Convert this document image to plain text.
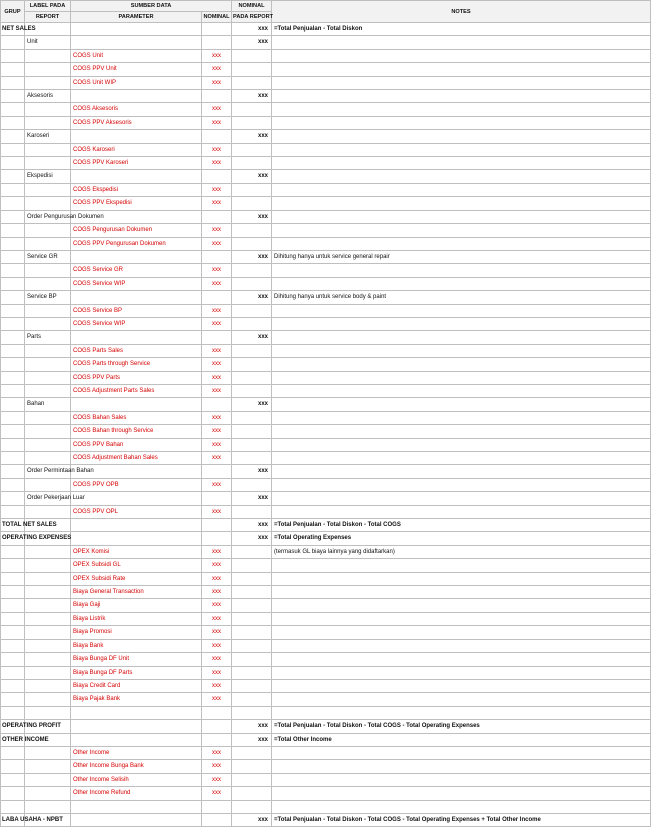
GRUP	LABEL PADA	SUMBER DATA		NOMINAL	NOTES
	REPORT	PARAMETER	NOMINAL	PADA REPORT	
NET SALES				xxx	=Total Penjualan - Total Diskon
	Unit			xxx	
		COGS Unit	xxx		
		COGS PPV Unit	xxx		
		COGS Unit WIP	xxx		
	Aksesoris			xxx	
		COGS Aksesoris	xxx		
		COGS PPV Aksesoris	xxx		
	Karoseri			xxx	
		COGS Karoseri	xxx		
		COGS PPV Karoseri	xxx		
	Ekspedisi			xxx	
		COGS Ekspedisi	xxx		
		COGS PPV Ekspedisi	xxx		
	Order Pengurusan Dokumen			xxx	
		COGS Pengurusan Dokumen	xxx		
		COGS PPV Pengurusan Dokumen	xxx		
	Service GR			xxx	Dihitung hanya untuk service general repair
		COGS Service GR	xxx		
		COGS Service WIP	xxx		
	Service BP			xxx	Dihitung hanya untuk service body & paint
		COGS Service BP	xxx		
		COGS Service WIP	xxx		
	Parts			xxx	
		COGS Parts Sales	xxx		
		COGS Parts through Service	xxx		
		COGS PPV Parts	xxx		
		COGS Adjustment Parts Sales	xxx		
	Bahan			xxx	
		COGS Bahan Sales	xxx		
		COGS Bahan through Service	xxx		
		COGS PPV Bahan	xxx		
		COGS Adjustment Bahan Sales	xxx		
	Order Permintaan Bahan			xxx	
		COGS PPV OPB	xxx		
	Order Pekerjaan Luar			xxx	
		COGS PPV OPL	xxx		
TOTAL NET SALES				xxx	=Total Penjualan - Total Diskon - Total COGS
OPERATING EXPENSES				xxx	=Total Operating Expenses
		OPEX Komisi	xxx		(termasuk GL biaya lainnya yang didaftarkan)
		OPEX Subsidi GL	xxx		
		OPEX Subsidi Rate	xxx		
		Biaya General Transaction	xxx		
		Biaya Gaji	xxx		
		Biaya Listrik	xxx		
		Biaya Promosi	xxx		
		Biaya Bank	xxx		
		Biaya Bunga DF Unit	xxx		
		Biaya Bunga DF Parts	xxx		
		Biaya Credit Card	xxx		
		Biaya Pajak Bank	xxx		

OPERATING PROFIT				xxx	=Total Penjualan - Total Diskon - Total COGS - Total Operating Expenses
OTHER INCOME				xxx	=Total Other Income
		Other Income	xxx		
		Other Income Bunga Bank	xxx		
		Other Income Selisih	xxx		
		Other Income Refund	xxx		

LABA USAHA - NPBT				xxx	=Total Penjualan - Total Diskon - Total COGS - Total Operating Expenses + Total Other Income
